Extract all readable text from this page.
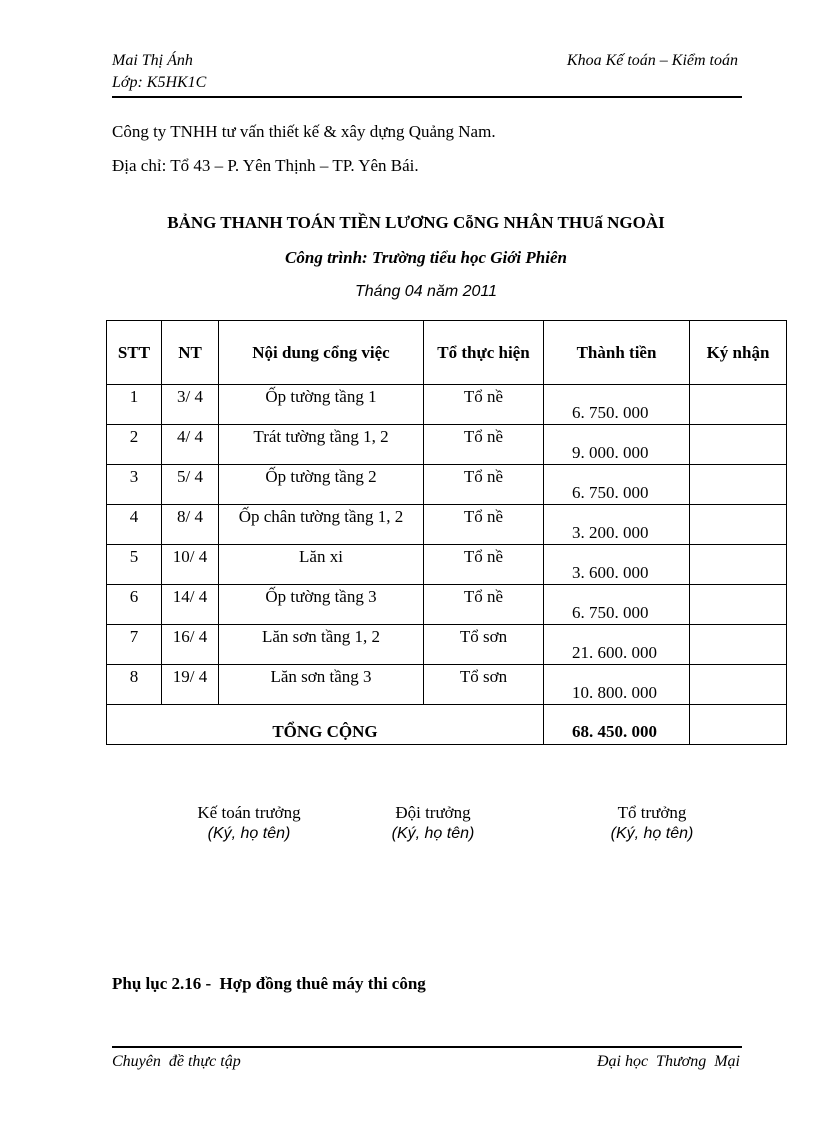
Mai Thị Ánh
Lớp: K5HK1C
Khoa Kế toán – Kiểm toán
Công ty TNHH tư vấn thiết kế & xây dựng Quảng Nam.
Địa chỉ: Tổ 43 – P. Yên Thịnh – TP. Yên Bái.
BẢNG THANH TOÁN TIỀN LƯƠNG CỗNG NHÂN THUấ NGOÀI
Công trình: Trường tiểu học Giới Phiên
Tháng 04 năm 2011
STT	NT	Nội dung cổng việc	Tổ thực hiện	Thành tiền	Ký nhận
1	3/ 4	Ốp tường tầng 1	Tổ nề	6. 750. 000	
2	4/ 4	Trát tường tầng 1, 2	Tổ nề	9. 000. 000	
3	5/ 4	Ốp tường tầng 2	Tổ nề	6. 750. 000	
4	8/ 4	Ốp chân tường tầng 1, 2	Tổ nề	3. 200. 000	
5	10/ 4	Lăn xi	Tổ nề	3. 600. 000	
6	14/ 4	Ốp tường tầng 3	Tổ nề	6. 750. 000	
7	16/ 4	Lăn sơn tầng 1, 2	Tổ sơn	21. 600. 000	
8	19/ 4	Lăn sơn tầng 3	Tổ sơn	10. 800. 000	
TỔNG CỘNG				68. 450. 000	
Kế toán trưởng
(Ký, họ tên)
Đội trưởng
(Ký, họ tên)
Tổ trưởng
(Ký, họ tên)
Phụ lục 2.16 - Hợp đồng thuê máy thi công
Chuyên  đề thực tập	Đại học  Thương  Mại
